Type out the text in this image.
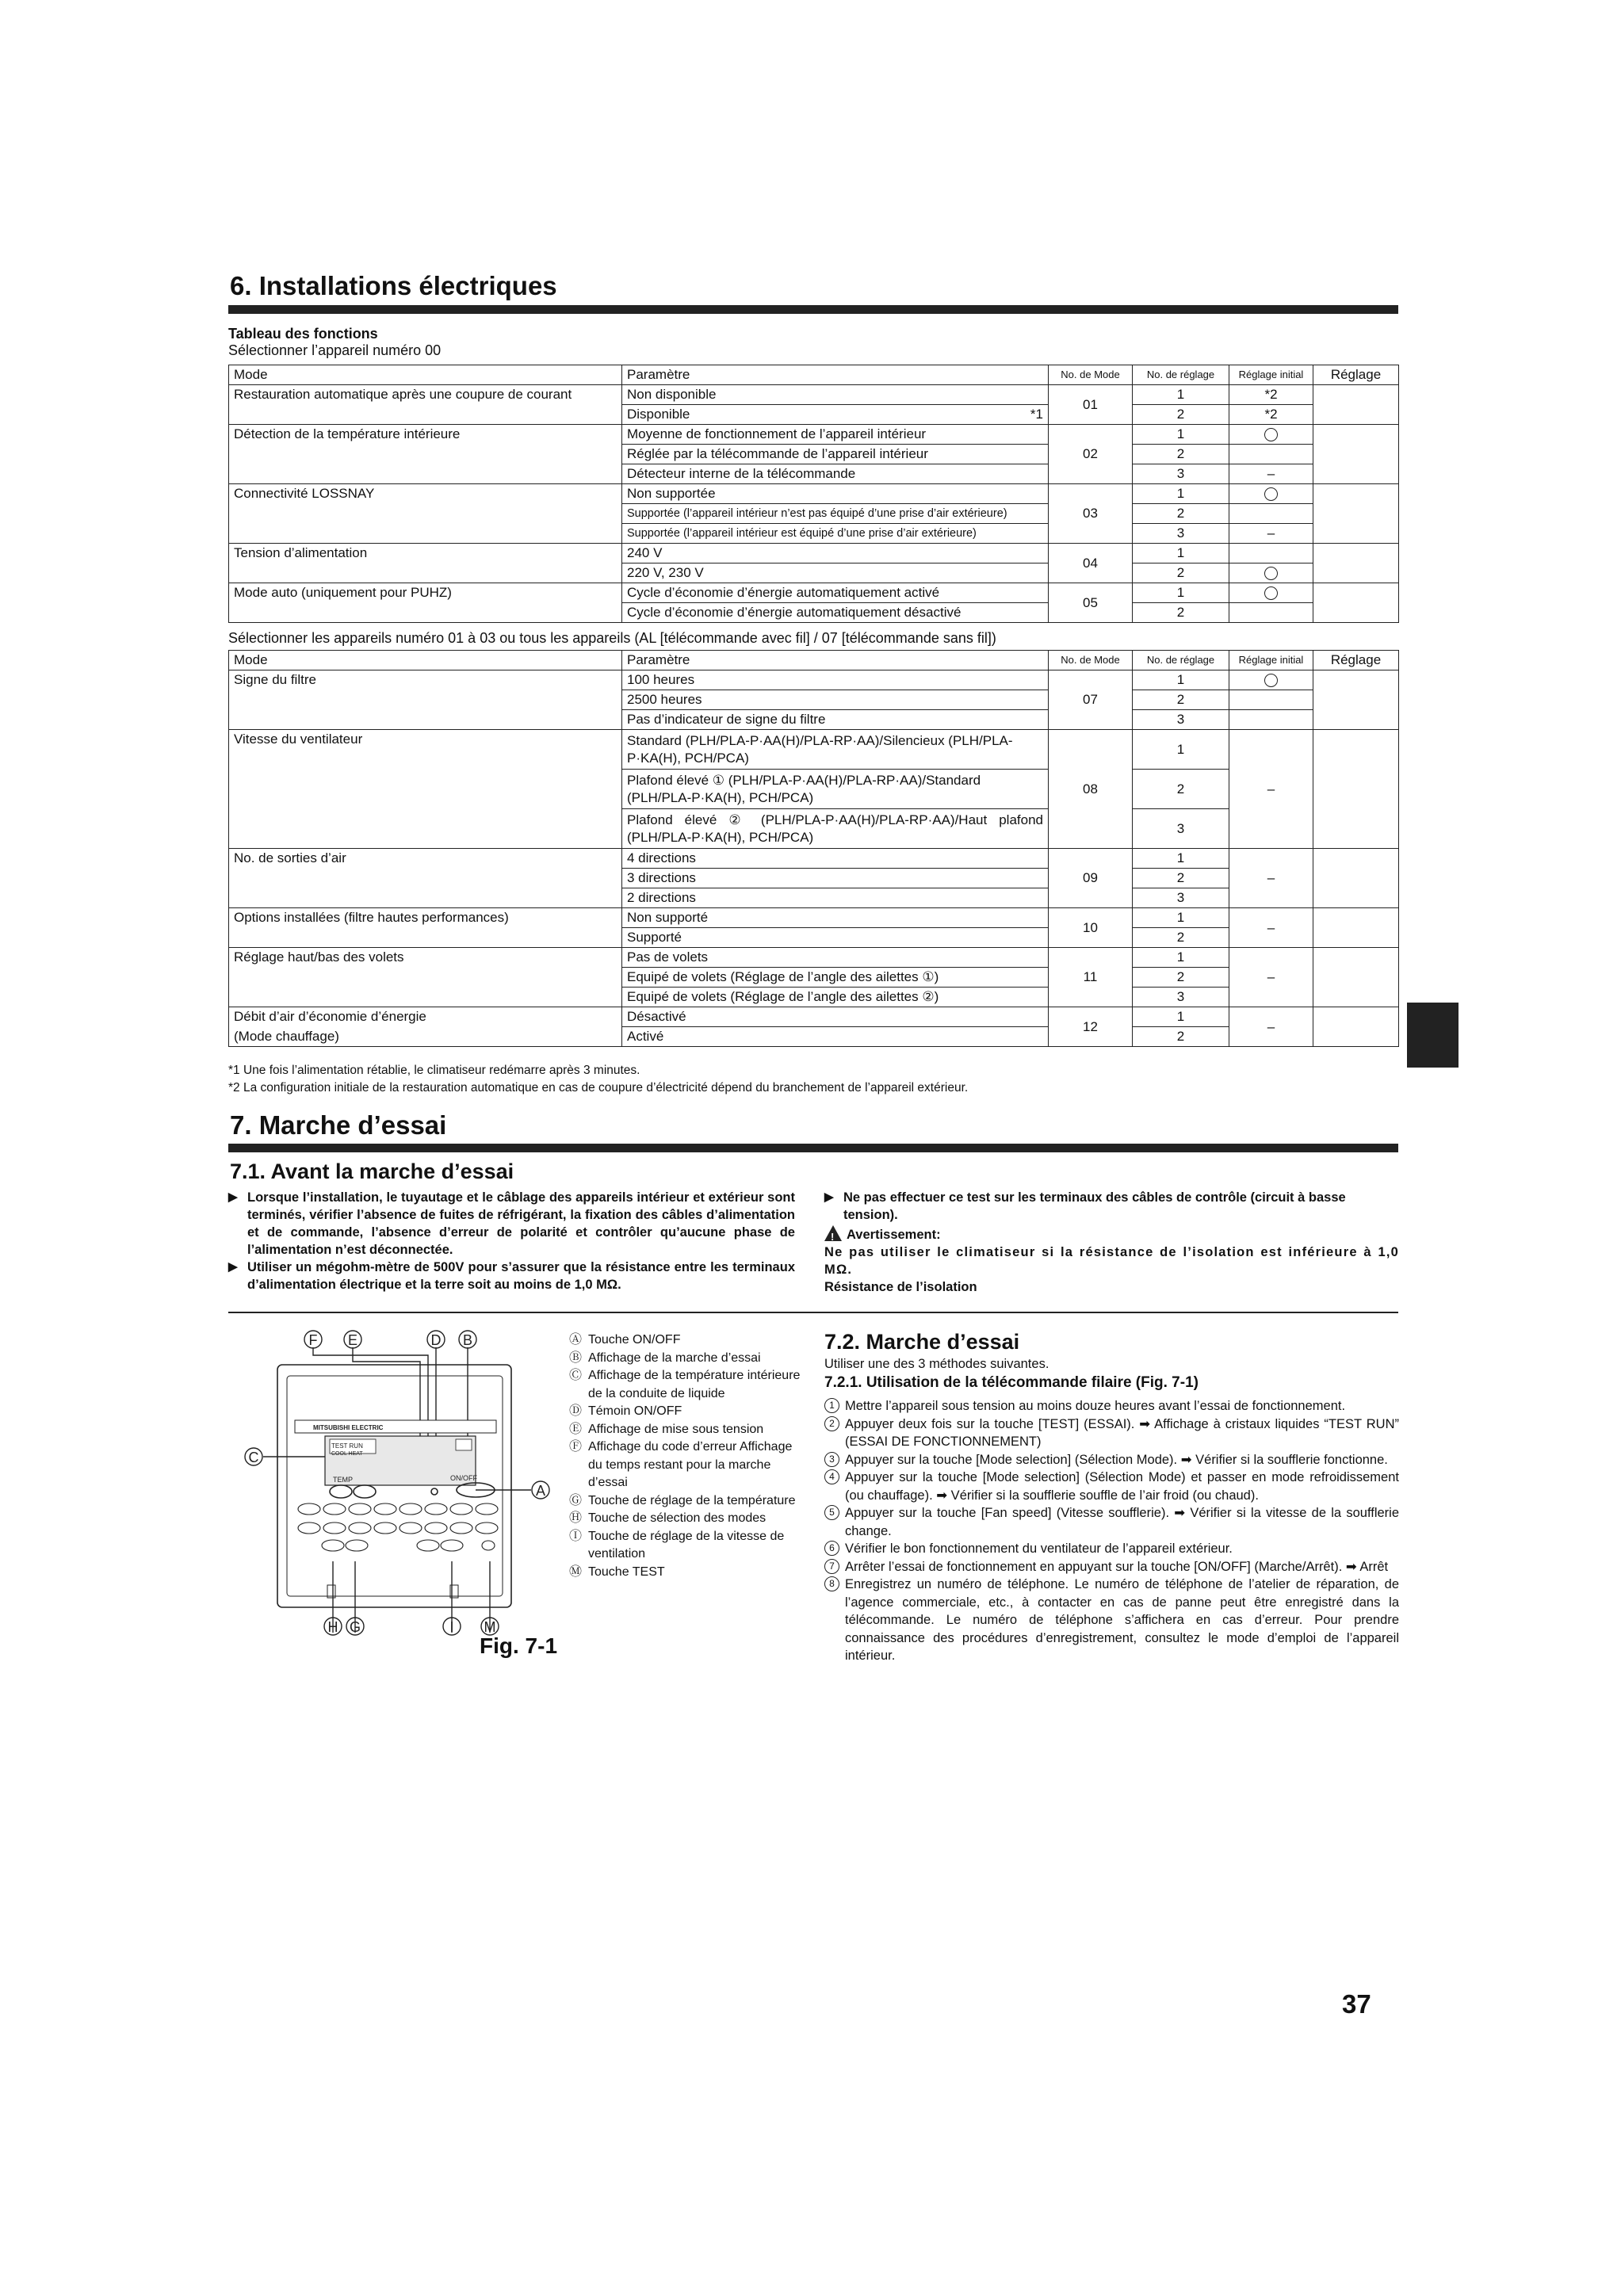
6. Installations électriques
Tableau des fonctions
Sélectionner l’appareil numéro 00
Mode	Paramètre	No. de Mode	No. de réglage	Réglage initial	Réglage
Restauration automatique après une coupure de courant	Non disponible	01	1	*2	
	Disponible *1		2	*2	
Détection de la température intérieure	Moyenne de fonctionnement de l’appareil intérieur	02	1		
	Réglée par la télécommande de l’appareil intérieur		2		
	Détecteur interne de la télécommande		3	–	
Connectivité LOSSNAY	Non supportée	03	1		
	Supportée (l’appareil intérieur n’est pas équipé d’une prise d’air extérieure)		2		
	Supportée (l’appareil intérieur est équipé d’une prise d’air extérieure)		3	–	
Tension d’alimentation	240 V	04	1		
	220 V, 230 V		2		
Mode auto (uniquement pour PUHZ)	Cycle d’économie d’énergie automatiquement activé	05	1		
	Cycle d’économie d’énergie automatiquement désactivé		2		
Sélectionner les appareils numéro 01 à 03 ou tous les appareils (AL [télécommande avec fil] / 07 [télécommande sans fil])
Mode	Paramètre	No. de Mode	No. de réglage	Réglage initial	Réglage
Signe du filtre	100 heures	07	1		
	2500 heures		2		
	Pas d’indicateur de signe du filtre		3		
Vitesse du ventilateur	Standard (PLH/PLA-P·AA(H)/PLA-RP·AA)/Silencieux (PLH/PLA-P·KA(H), PCH/PCA)	08	1	–	
	Plafond élevé ① (PLH/PLA-P·AA(H)/PLA-RP·AA)/Standard (PLH/PLA-P·KA(H), PCH/PCA)		2		
	Plafond élevé ② (PLH/PLA-P·AA(H)/PLA-RP·AA)/Haut plafond (PLH/PLA-P·KA(H), PCH/PCA)		3		
No. de sorties d’air	4 directions	09	1	–	
	3 directions		2		
	2 directions		3		
Options installées (filtre hautes performances)	Non supporté	10	1	–	
	Supporté		2		
Réglage haut/bas des volets	Pas de volets	11	1	–	
	Equipé de volets (Réglage de l’angle des ailettes ①)		2		
	Equipé de volets (Réglage de l’angle des ailettes ②)		3		
Débit d’air d’économie d’énergie	Désactivé	12	1	–	
(Mode chauffage)	Activé		2		
*1 Une fois l’alimentation rétablie, le climatiseur redémarre après 3 minutes.
*2 La configuration initiale de la restauration automatique en cas de coupure d’électricité dépend du branchement de l’appareil extérieur.
7. Marche d’essai
7.1. Avant la marche d’essai
▶ Lorsque l’installation, le tuyautage et le câblage des appareils intérieur et extérieur sont terminés, vérifier l’absence de fuites de réfrigérant, la fixation des câbles d’alimentation et de commande, l’absence d’erreur de polarité et contrôler qu’aucune phase de l’alimentation n’est déconnectée.
▶ Utiliser un mégohm-mètre de 500V pour s’assurer que la résistance entre les terminaux d’alimentation électrique et la terre soit au moins de 1,0 MΩ.
▶ Ne pas effectuer ce test sur les terminaux des câbles de contrôle (circuit à basse tension).
!Avertissement:
Ne pas utiliser le climatiseur si la résistance de l’isolation est inférieure à 1,0 MΩ.
Résistance de l’isolation
MITSUBISHI ELECTRIC
TEST RUN
COOL HEAT
TEMP	ON/OFF
F E	D B
C
A
H G	I M
Fig. 7-1
Ⓐ Touche ON/OFF
Ⓑ Affichage de la marche d’essai
Ⓒ Affichage de la température intérieure de la conduite de liquide
Ⓓ Témoin ON/OFF
Ⓔ Affichage de mise sous tension
Ⓕ Affichage du code d’erreur Affichage du temps restant pour la marche d’essai
Ⓖ Touche de réglage de la température
Ⓗ Touche de sélection des modes
Ⓘ Touche de réglage de la vitesse de ventilation
Ⓜ Touche TEST
7.2. Marche d’essai
Utiliser une des 3 méthodes suivantes.
7.2.1. Utilisation de la télécommande filaire (Fig. 7-1)
1 Mettre l’appareil sous tension au moins douze heures avant l’essai de fonctionnement.
2 Appuyer deux fois sur la touche [TEST] (ESSAI). ➡ Affichage à cristaux liquides “TEST RUN” (ESSAI DE FONCTIONNEMENT)
3 Appuyer sur la touche [Mode selection] (Sélection Mode). ➡ Vérifier si la soufflerie fonctionne.
4 Appuyer sur la touche [Mode selection] (Sélection Mode) et passer en mode refroidissement (ou chauffage). ➡ Vérifier si la soufflerie souffle de l’air froid (ou chaud).
5 Appuyer sur la touche [Fan speed] (Vitesse soufflerie). ➡ Vérifier si la vitesse de la soufflerie change.
6 Vérifier le bon fonctionnement du ventilateur de l’appareil extérieur.
7 Arrêter l’essai de fonctionnement en appuyant sur la touche [ON/OFF] (Marche/Arrêt). ➡ Arrêt
8 Enregistrez un numéro de téléphone. Le numéro de téléphone de l’atelier de réparation, de l’agence commerciale, etc., à contacter en cas de panne peut être enregistré dans la télécommande. Le numéro de téléphone s’affichera en cas d’erreur. Pour prendre connaissance des procédures d’enregistrement, consultez le mode d’emploi de l’appareil intérieur.
37
